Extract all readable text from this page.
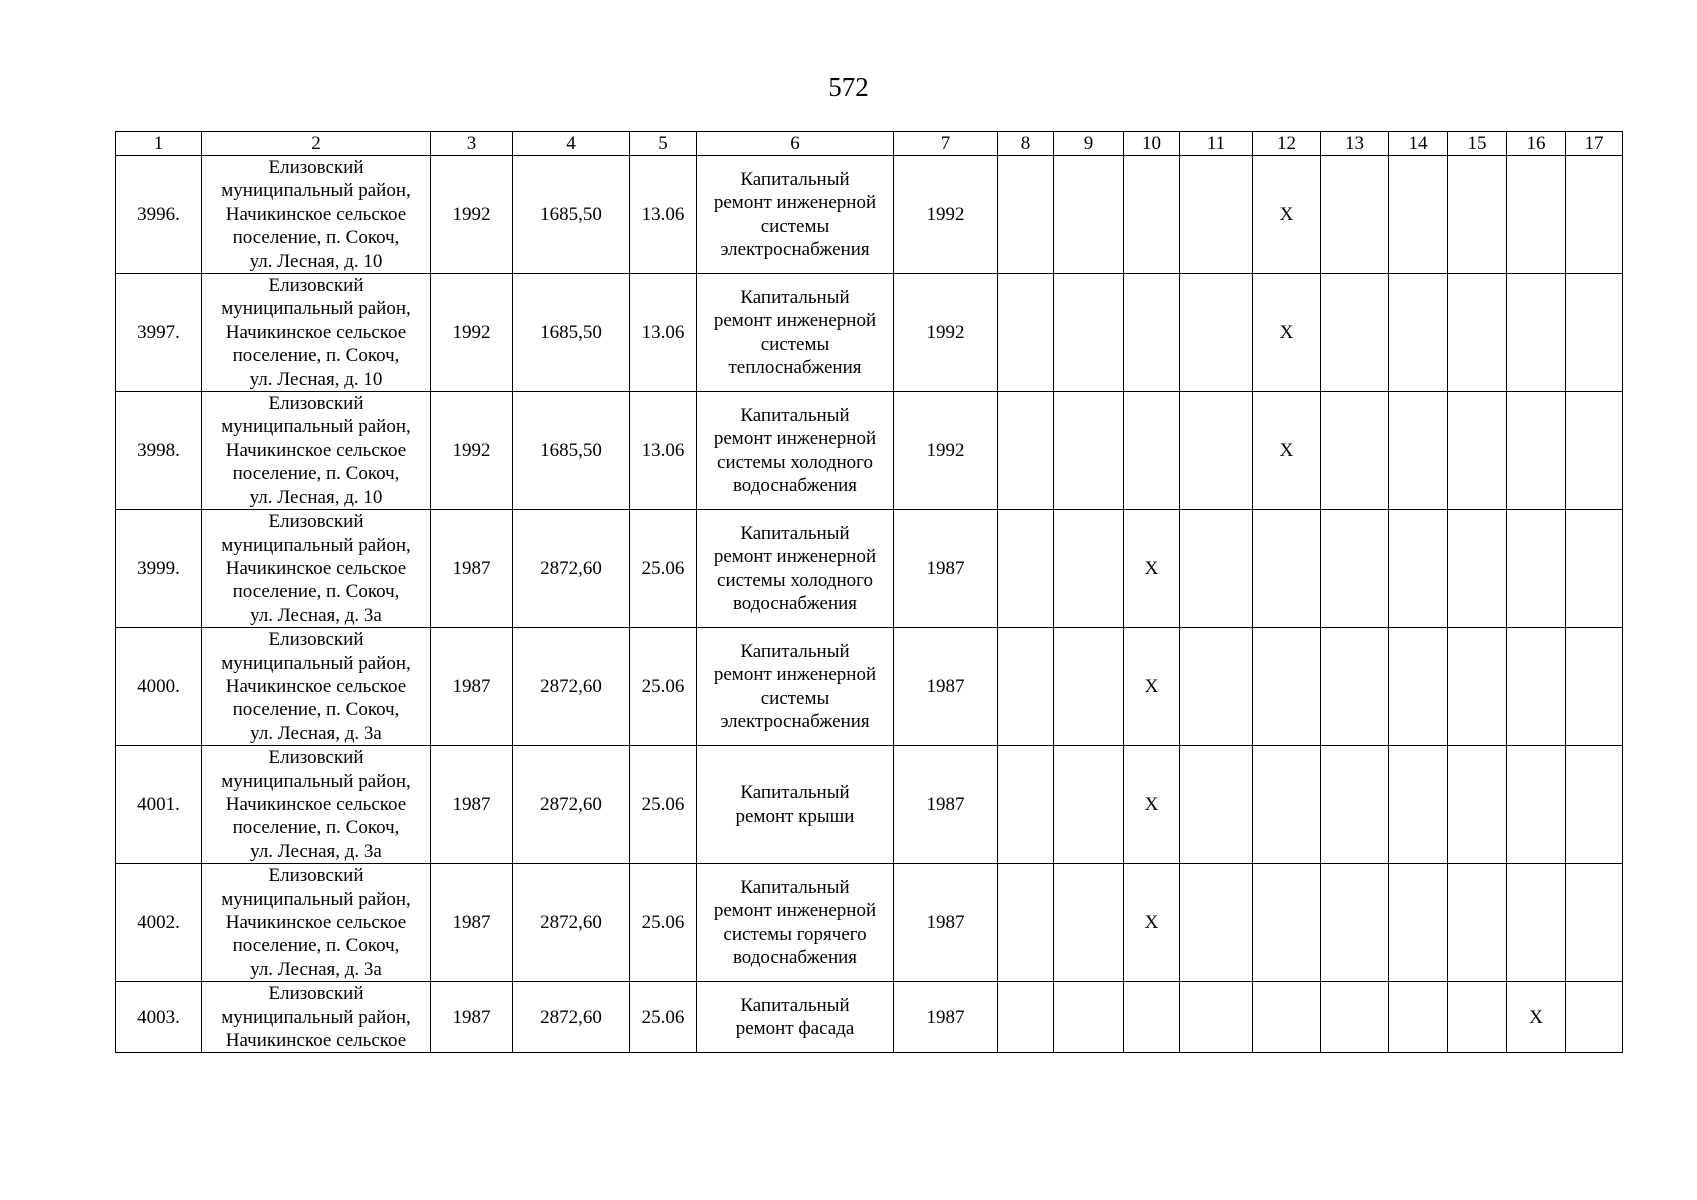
572
1	2	3	4	5	6	7	8	9	10	11	12	13	14	15	16	17
3996.	Елизовский
муниципальный район,
Начикинское сельское
поселение, п. Сокоч,
ул. Лесная, д. 10	1992	1685,50	13.06	Капитальный
ремонт инженерной
системы
электроснабжения	1992					X					
3997.	Елизовский
муниципальный район,
Начикинское сельское
поселение, п. Сокоч,
ул. Лесная, д. 10	1992	1685,50	13.06	Капитальный
ремонт инженерной
системы
теплоснабжения	1992					X					
3998.	Елизовский
муниципальный район,
Начикинское сельское
поселение, п. Сокоч,
ул. Лесная, д. 10	1992	1685,50	13.06	Капитальный
ремонт инженерной
системы холодного
водоснабжения	1992					X					
3999.	Елизовский
муниципальный район,
Начикинское сельское
поселение, п. Сокоч,
ул. Лесная, д. 3а	1987	2872,60	25.06	Капитальный
ремонт инженерной
системы холодного
водоснабжения	1987			X							
4000.	Елизовский
муниципальный район,
Начикинское сельское
поселение, п. Сокоч,
ул. Лесная, д. 3а	1987	2872,60	25.06	Капитальный
ремонт инженерной
системы
электроснабжения	1987			X							
4001.	Елизовский
муниципальный район,
Начикинское сельское
поселение, п. Сокоч,
ул. Лесная, д. 3а	1987	2872,60	25.06	Капитальный
ремонт крыши	1987			X							
4002.	Елизовский
муниципальный район,
Начикинское сельское
поселение, п. Сокоч,
ул. Лесная, д. 3а	1987	2872,60	25.06	Капитальный
ремонт инженерной
системы горячего
водоснабжения	1987			X							
4003.	Елизовский
муниципальный район,
Начикинское сельское	1987	2872,60	25.06	Капитальный
ремонт фасада	1987									X	
